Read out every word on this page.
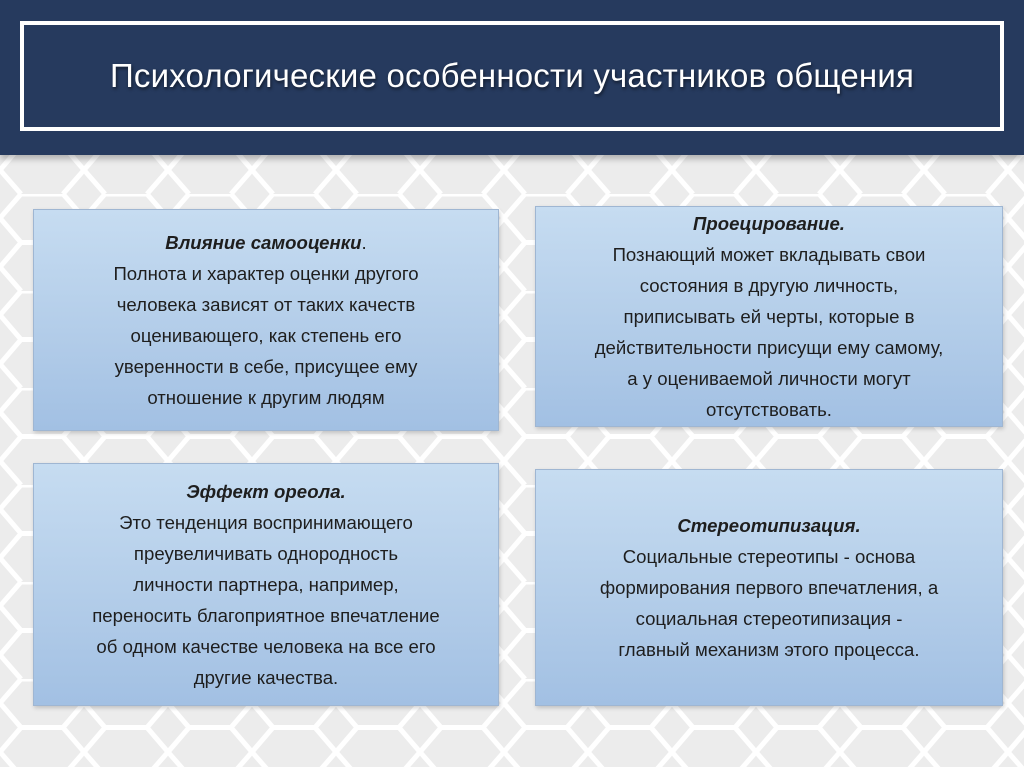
Психологические особенности участников общения
Влияние самооценки.
Полнота и характер оценки другого
человека зависят от таких качеств
оценивающего, как степень его
уверенности в себе, присущее ему
отношение к другим людям
Проецирование.
Познающий может вкладывать свои
состояния в другую личность,
приписывать ей черты, которые в
действительности присущи ему самому,
а у оцениваемой личности могут
отсутствовать.
Эффект ореола.
Это тенденция воспринимающего
преувеличивать однородность
личности партнера, например,
переносить благоприятное впечатление
об одном качестве человека на все его
другие качества.
Стереотипизация.
Социальные стереотипы - основа
формирования первого впечатления, а
социальная стереотипизация -
главный механизм этого процесса.
